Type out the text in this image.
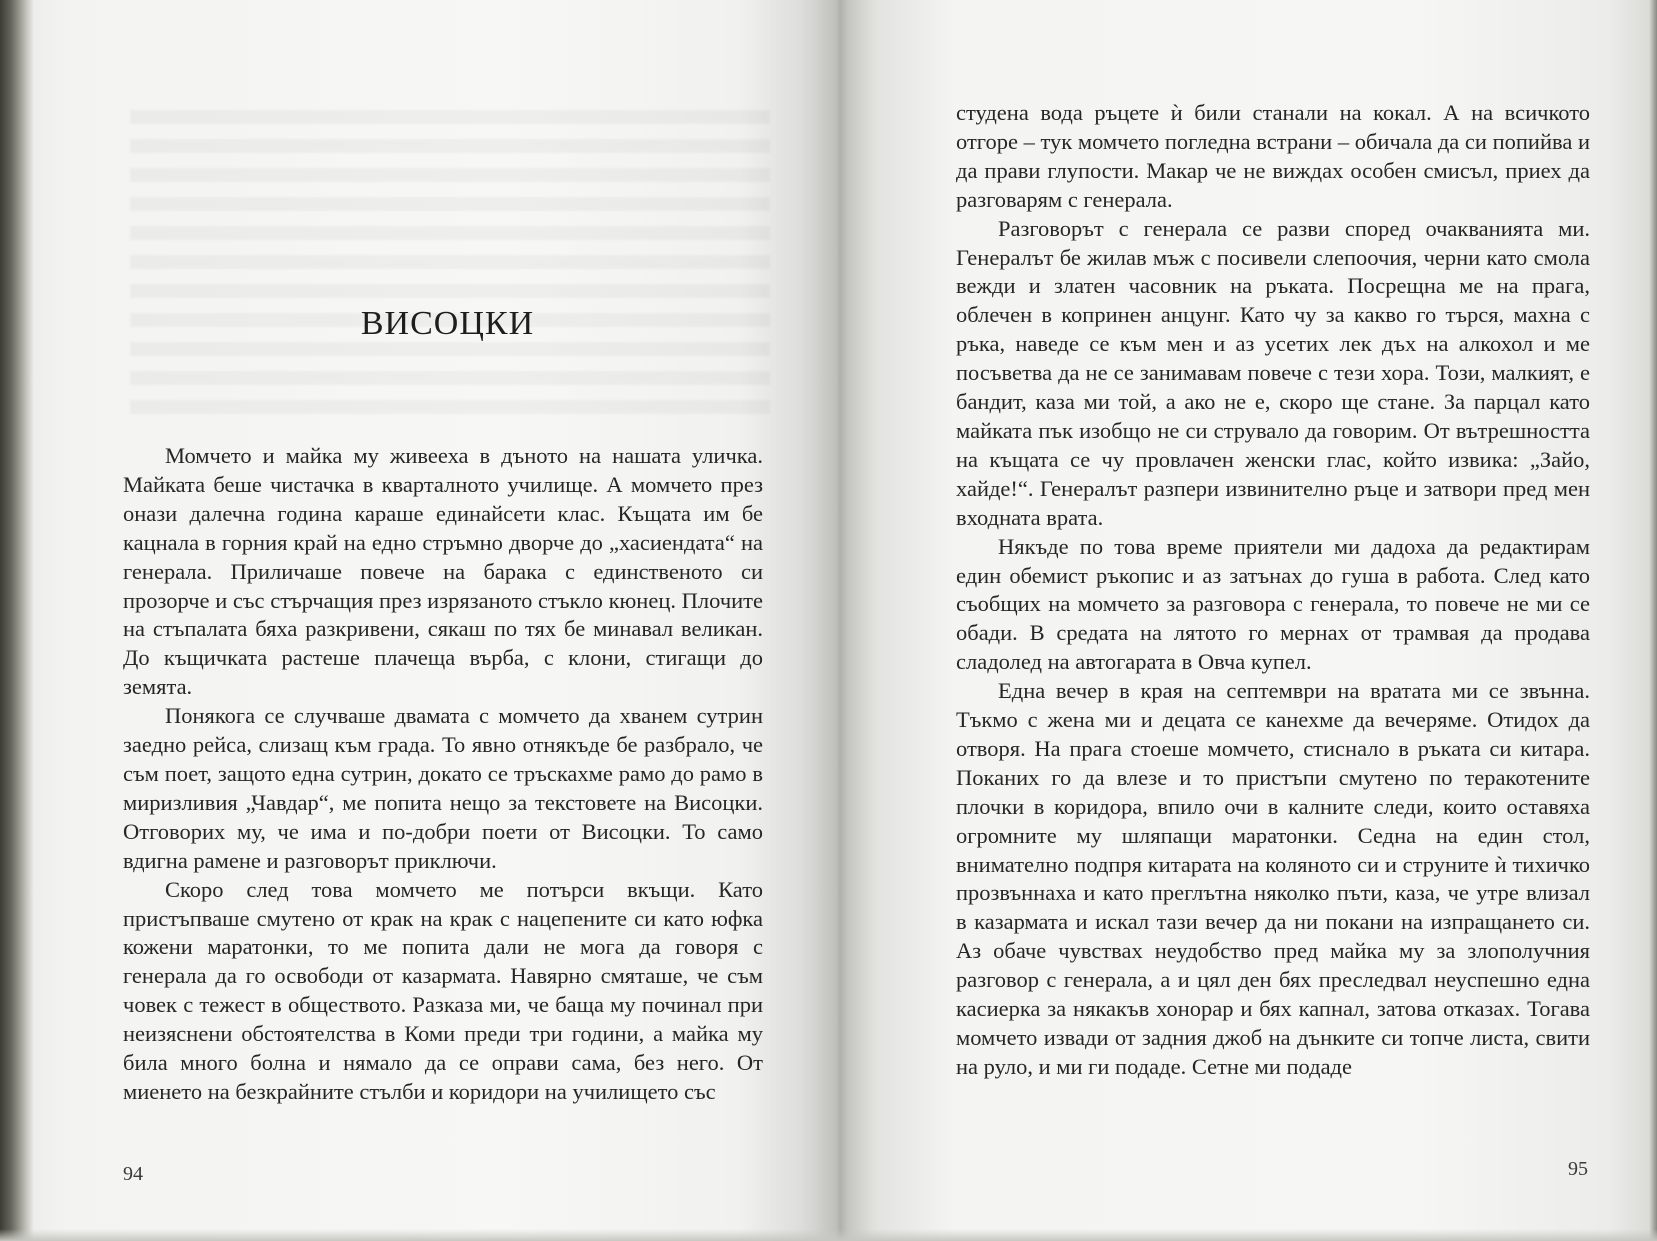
ВИСОЦКИ

Момчето и майка му живееха в дъното на нашата уличка. Майката беше чистачка в кварталното училище. А момчето през онази далечна година караше единайсети клас. Къщата им бе кацнала в горния край на едно стръмно дворче до „хасиендата“ на генерала. Приличаше повече на барака с единственото си прозорче и със стърчащия през изрязаното стъкло кюнец. Плочите на стъпалата бяха разкривени, сякаш по тях бе минавал великан. До къщичката растеше плачеща върба, с клони, стигащи до земята.

Понякога се случваше двамата с момчето да хванем сутрин заедно рейса, слизащ към града. То явно отнякъде бе разбрало, че съм поет, защото една сутрин, докато се тръскахме рамо до рамо в миризливия „Чавдар“, ме попита нещо за текстовете на Висоцки. Отговорих му, че има и по-добри поети от Висоцки. То само вдигна рамене и разговорът приключи.

Скоро след това момчето ме потърси вкъщи. Като пристъпваше смутено от крак на крак с нацепените си като юфка кожени маратонки, то ме попита дали не мога да говоря с генерала да го освободи от казармата. Навярно смяташе, че съм човек с тежест в обществото. Разказа ми, че баща му починал при неизяснени обстоятелства в Коми преди три години, а майка му била много болна и нямало да се оправи сама, без него. От миенето на безкрайните стълби и коридори на училището със

94

студена вода ръцете ѝ били станали на кокал. А на всичкото отгоре – тук момчето погледна встрани – обичала да си попийва и да прави глупости. Макар че не виждах особен смисъл, приех да разговарям с генерала.

Разговорът с генерала се разви според очакванията ми. Генералът бе жилав мъж с посивели слепоочия, черни като смола вежди и златен часовник на ръката. Посрещна ме на прага, облечен в копринен анцунг. Като чу за какво го търся, махна с ръка, наведе се към мен и аз усетих лек дъх на алкохол и ме посъветва да не се занимавам повече с тези хора. Този, малкият, е бандит, каза ми той, а ако не е, скоро ще стане. За парцал като майката пък изобщо не си струвало да говорим. От вътрешността на къщата се чу провлачен женски глас, който извика: „Зайо, хайде!“. Генералът разпери извинително ръце и затвори пред мен входната врата.

Някъде по това време приятели ми дадоха да редактирам един обемист ръкопис и аз затънах до гуша в работа. След като съобщих на момчето за разговора с генерала, то повече не ми се обади. В средата на лятото го мернах от трамвая да продава сладолед на автогарата в Овча купел.

Една вечер в края на септември на вратата ми се звънна. Тъкмо с жена ми и децата се канехме да вечеряме. Отидох да отворя. На прага стоеше момчето, стиснало в ръката си китара. Поканих го да влезе и то пристъпи смутено по теракотените плочки в коридора, впило очи в калните следи, които оставяха огромните му шляпащи маратонки. Седна на един стол, внимателно подпря китарата на коляното си и струните ѝ тихичко прозвъннаха и като преглътна няколко пъти, каза, че утре влизал в казармата и искал тази вечер да ни покани на изпращането си. Аз обаче чувствах неудобство пред майка му за злополучния разговор с генерала, а и цял ден бях преследвал неуспешно една касиерка за някакъв хонорар и бях капнал, затова отказах. Тогава момчето извади от задния джоб на дънките си топче листа, свити на руло, и ми ги подаде. Сетне ми подаде

95
